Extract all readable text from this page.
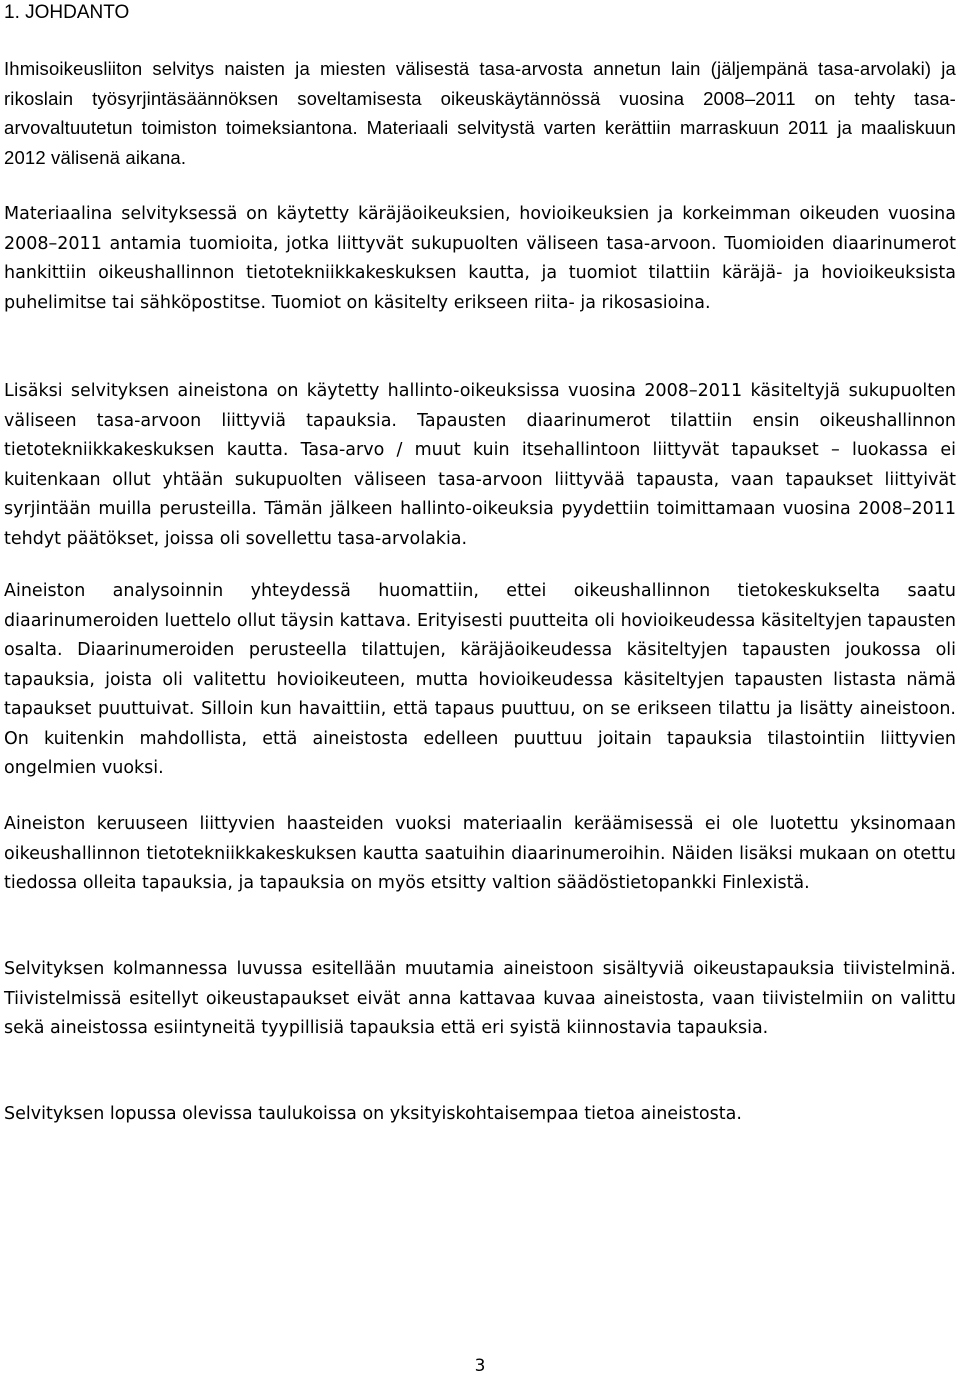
1. JOHDANTO

Ihmisoikeusliiton selvitys naisten ja miesten välisestä tasa-arvosta annetun lain (jäljempänä tasa-arvolaki) ja rikoslain työsyrjintäsäännöksen soveltamisesta oikeuskäytännössä vuosina 2008–2011 on tehty tasa-arvovaltuutetun toimiston toimeksiantona. Materiaali selvitystä varten kerättiin marraskuun 2011 ja maaliskuun 2012 välisenä aikana.

Materiaalina selvityksessä on käytetty käräjäoikeuksien, hovioikeuksien ja korkeimman oikeuden vuosina 2008–2011 antamia tuomioita, jotka liittyvät sukupuolten väliseen tasa-arvoon. Tuomioiden diaarinumerot hankittiin oikeushallinnon tietotekniikkakeskuksen kautta, ja tuomiot tilattiin käräjä- ja hovioikeuksista puhelimitse tai sähköpostitse. Tuomiot on käsitelty erikseen riita- ja rikosasioina.

Lisäksi selvityksen aineistona on käytetty hallinto-oikeuksissa vuosina 2008–2011 käsiteltyjä sukupuolten väliseen tasa-arvoon liittyviä tapauksia. Tapausten diaarinumerot tilattiin ensin oikeushallinnon tietotekniikkakeskuksen kautta. Tasa-arvo / muut kuin itsehallintoon liittyvät tapaukset – luokassa ei kuitenkaan ollut yhtään sukupuolten väliseen tasa-arvoon liittyvää tapausta, vaan tapaukset liittyivät syrjintään muilla perusteilla. Tämän jälkeen hallinto-oikeuksia pyydettiin toimittamaan vuosina 2008–2011 tehdyt päätökset, joissa oli sovellettu tasa-arvolakia.

Aineiston analysoinnin yhteydessä huomattiin, ettei oikeushallinnon tietokeskukselta saatu diaarinumeroiden luettelo ollut täysin kattava. Erityisesti puutteita oli hovioikeudessa käsiteltyjen tapausten osalta. Diaarinumeroiden perusteella tilattujen, käräjäoikeudessa käsiteltyjen tapausten joukossa oli tapauksia, joista oli valitettu hovioikeuteen, mutta hovioikeudessa käsiteltyjen tapausten listasta nämä tapaukset puuttuivat. Silloin kun havaittiin, että tapaus puuttuu, on se erikseen tilattu ja lisätty aineistoon. On kuitenkin mahdollista, että aineistosta edelleen puuttuu joitain tapauksia tilastointiin liittyvien ongelmien vuoksi.

Aineiston keruuseen liittyvien haasteiden vuoksi materiaalin keräämisessä ei ole luotettu yksinomaan oikeushallinnon tietotekniikkakeskuksen kautta saatuihin diaarinumeroihin. Näiden lisäksi mukaan on otettu tiedossa olleita tapauksia, ja tapauksia on myös etsitty valtion säädöstietopankki Finlexistä.

Selvityksen kolmannessa luvussa esitellään muutamia aineistoon sisältyviä oikeustapauksia tiivistelminä. Tiivistelmissä esitellyt oikeustapaukset eivät anna kattavaa kuvaa aineistosta, vaan tiivistelmiin on valittu sekä aineistossa esiintyneitä tyypillisiä tapauksia että eri syistä kiinnostavia tapauksia.

Selvityksen lopussa olevissa taulukoissa on yksityiskohtaisempaa tietoa aineistosta.

3
